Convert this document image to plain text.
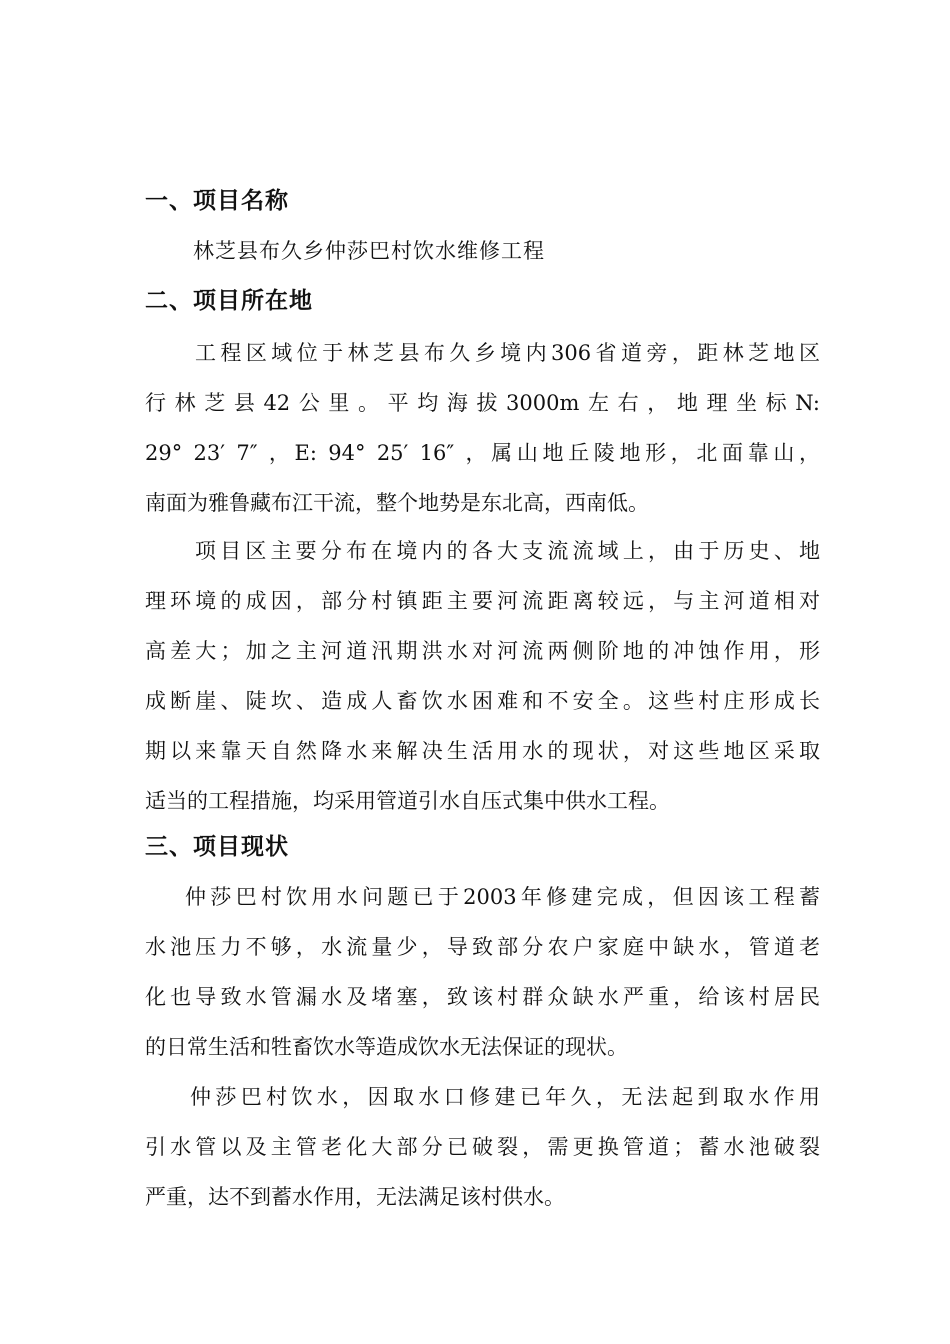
一、项目名称
林芝县布久乡仲莎巴村饮水维修工程
二、项目所在地
工程区域位于林芝县布久乡境内306省道旁，距林芝地区
行林芝县42公里。平均海拔3000m左右，地理坐标N:
29° 23′ 7″ ，E: 94° 25′ 16″ ，属山地丘陵地形，北面靠山，
南面为雅鲁藏布江干流，整个地势是东北高，西南低。
项目区主要分布在境内的各大支流流域上，由于历史、地
理环境的成因，部分村镇距主要河流距离较远，与主河道相对
高差大；加之主河道汛期洪水对河流两侧阶地的冲蚀作用，形
成断崖、陡坎、造成人畜饮水困难和不安全。这些村庄形成长
期以来靠天自然降水来解决生活用水的现状，对这些地区采取
适当的工程措施，均采用管道引水自压式集中供水工程。
三、项目现状
仲莎巴村饮用水问题已于2003年修建完成，但因该工程蓄
水池压力不够，水流量少，导致部分农户家庭中缺水，管道老
化也导致水管漏水及堵塞，致该村群众缺水严重，给该村居民
的日常生活和牲畜饮水等造成饮水无法保证的现状。
仲莎巴村饮水，因取水口修建已年久，无法起到取水作用
引水管以及主管老化大部分已破裂，需更换管道；蓄水池破裂
严重，达不到蓄水作用，无法满足该村供水。
